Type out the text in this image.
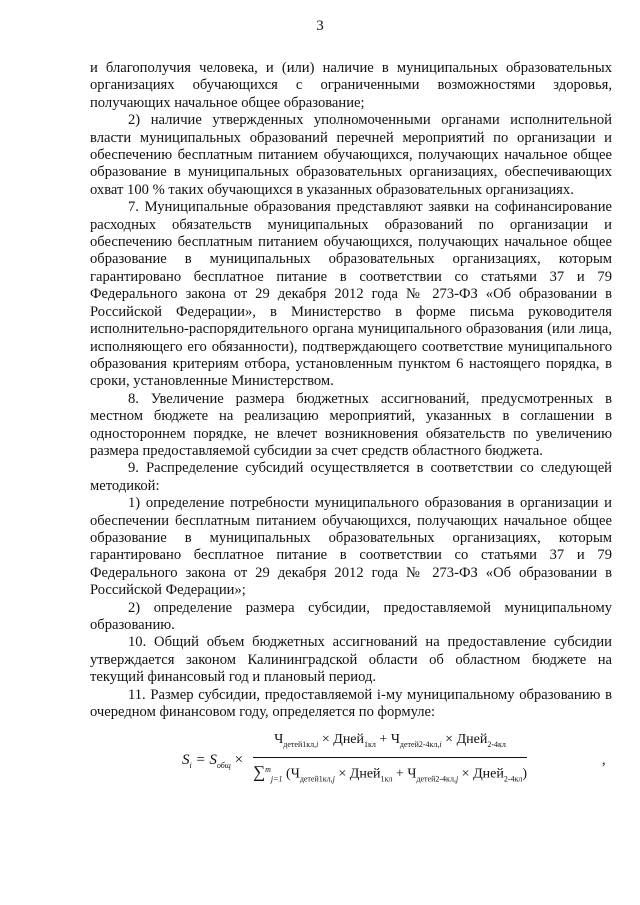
3

и благополучия человека, и (или) наличие в муниципальных образовательных организациях обучающихся с ограниченными возможностями здоровья, получающих начальное общее образование;

2) наличие утвержденных уполномоченными органами исполнительной власти муниципальных образований перечней мероприятий по организации и обеспечению бесплатным питанием обучающихся, получающих начальное общее образование в муниципальных образовательных организациях, обеспечивающих охват 100 % таких обучающихся в указанных образовательных организациях.

7. Муниципальные образования представляют заявки на софинансирование расходных обязательств муниципальных образований по организации и обеспечению бесплатным питанием обучающихся, получающих начальное общее образование в муниципальных образовательных организациях, которым гарантировано бесплатное питание в соответствии со статьями 37 и 79 Федерального закона от 29 декабря 2012 года № 273-ФЗ «Об образовании в Российской Федерации», в Министерство в форме письма руководителя исполнительно-распорядительного органа муниципального образования (или лица, исполняющего его обязанности), подтверждающего соответствие муниципального образования критериям отбора, установленным пунктом 6 настоящего порядка, в сроки, установленные Министерством.

8. Увеличение размера бюджетных ассигнований, предусмотренных в местном бюджете на реализацию мероприятий, указанных в соглашении в одностороннем порядке, не влечет возникновения обязательств по увеличению размера предоставляемой субсидии за счет средств областного бюджета.

9. Распределение субсидий осуществляется в соответствии со следующей методикой:

1) определение потребности муниципального образования в организации и обеспечении бесплатным питанием обучающихся, получающих начальное общее образование в муниципальных образовательных организациях, которым гарантировано бесплатное питание в соответствии со статьями 37 и 79 Федерального закона от 29 декабря 2012 года № 273-ФЗ «Об образовании в Российской Федерации»;

2) определение размера субсидии, предоставляемой муниципальному образованию.

10. Общий объем бюджетных ассигнований на предоставление субсидии утверждается законом Калининградской области об областном бюджете на текущий финансовый год и плановый период.

11. Размер субсидии, предоставляемой i-му муниципальному образованию в очередном финансовом году, определяется по формуле:

$S_i = S_{общ}$ ×
$Ч_{детей1кл,i}$ × Дней$_{1кл}$ + $Ч_{детей2-4кл,i}$ × Дней$_{2-4кл}$
∑$^m_{j=1}$ ($Ч_{детей1кл,j}$ × Дней$_{1кл}$ + $Ч_{детей2-4кл,j}$ × Дней$_{2-4кл}$)
,
